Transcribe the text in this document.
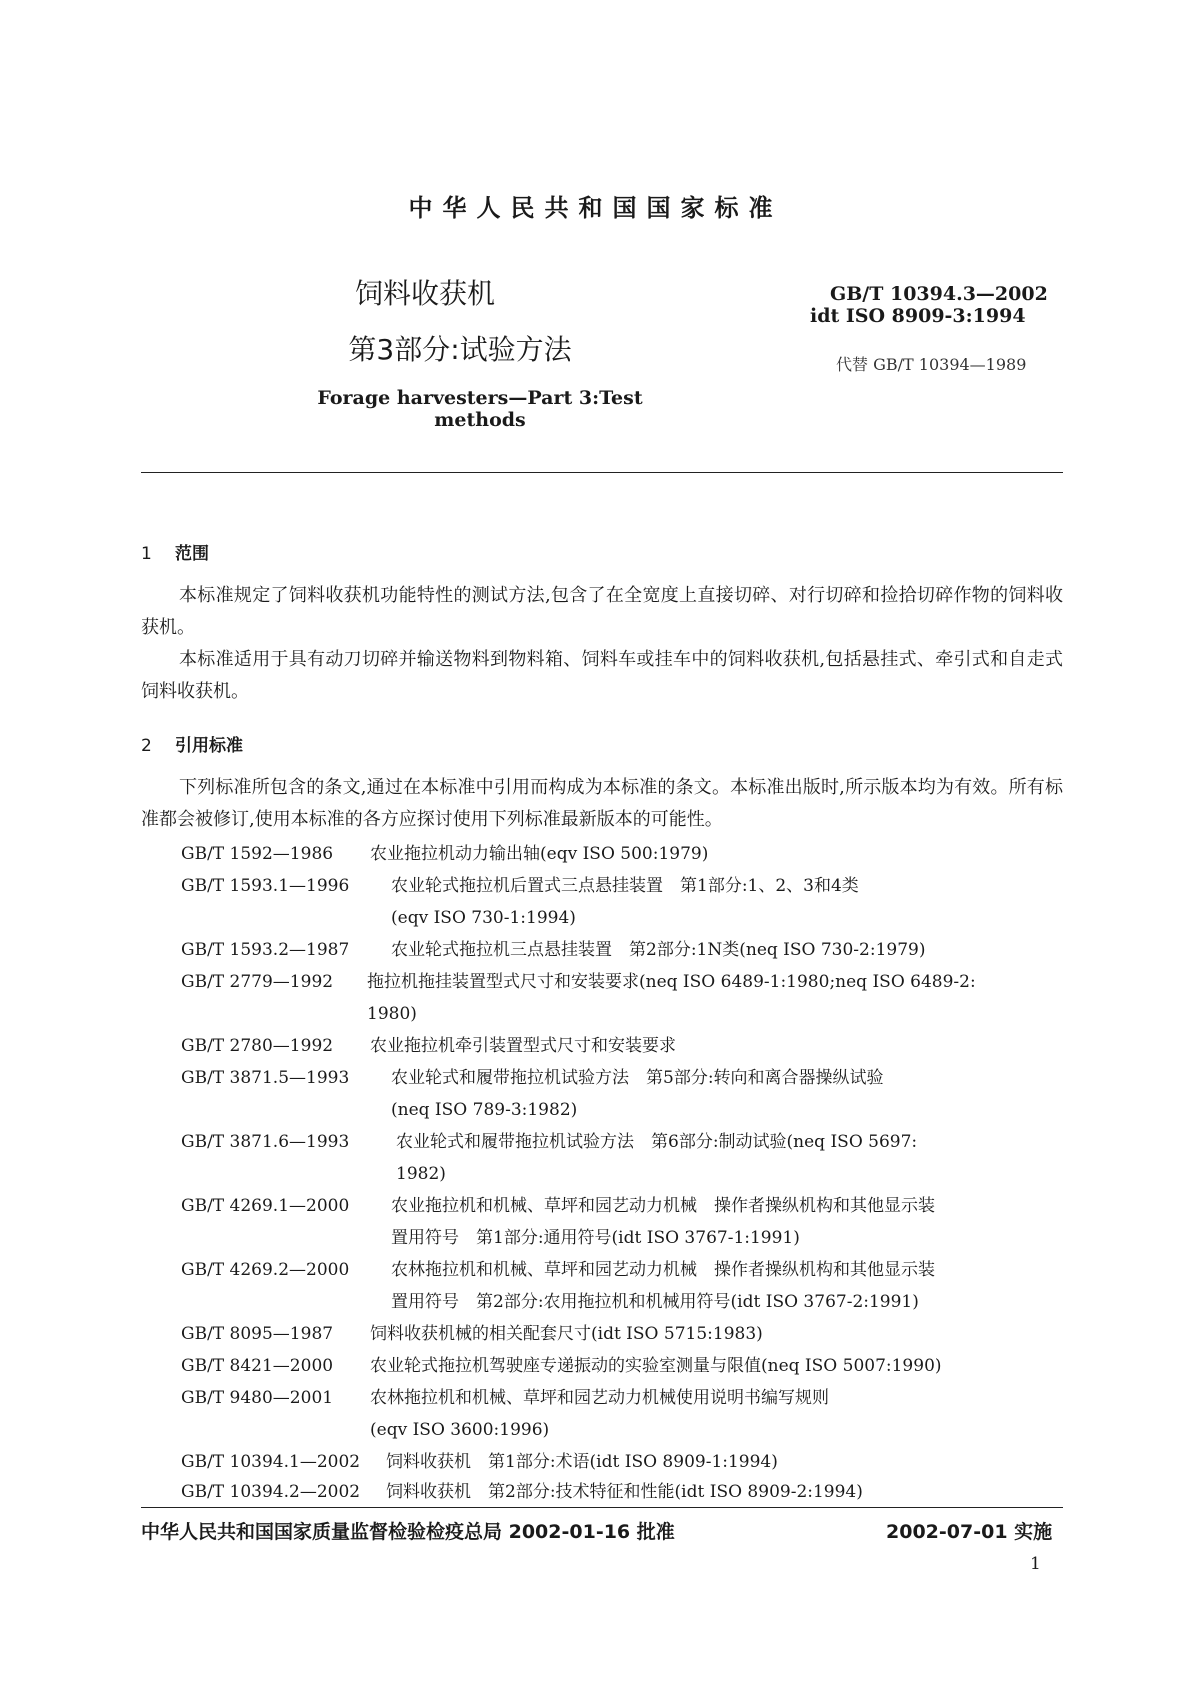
中华人民共和国国家标准
饲料收获机
第3部分:试验方法
Forage harvesters—Part 3:Test methods
GB/T 10394.3—2002
idt ISO 8909-3:1994
代替 GB/T 10394—1989
1 范围
本标准规定了饲料收获机功能特性的测试方法,包含了在全宽度上直接切碎、对行切碎和捡拾切碎作物的饲料收获机。
本标准适用于具有动刀切碎并输送物料到物料箱、饲料车或挂车中的饲料收获机,包括悬挂式、牵引式和自走式饲料收获机。
2 引用标准
下列标准所包含的条文,通过在本标准中引用而构成为本标准的条文。本标准出版时,所示版本均为有效。所有标准都会被修订,使用本标准的各方应探讨使用下列标准最新版本的可能性。
GB/T 1592—1986 农业拖拉机动力输出轴(eqv ISO 500:1979)
GB/T 1593.1—1996 农业轮式拖拉机后置式三点悬挂装置　第1部分:1、2、3和4类
(eqv ISO 730-1:1994)
GB/T 1593.2—1987 农业轮式拖拉机三点悬挂装置　第2部分:1N类(neq ISO 730-2:1979)
GB/T 2779—1992 拖拉机拖挂装置型式尺寸和安装要求(neq ISO 6489-1:1980;neq ISO 6489-2:
1980)
GB/T 2780—1992 农业拖拉机牵引装置型式尺寸和安装要求
GB/T 3871.5—1993 农业轮式和履带拖拉机试验方法　第5部分:转向和离合器操纵试验
(neq ISO 789-3:1982)
GB/T 3871.6—1993	农业轮式和履带拖拉机试验方法　第6部分:制动试验(neq ISO 5697:
1982)
GB/T 4269.1—2000 农业拖拉机和机械、草坪和园艺动力机械　操作者操纵机构和其他显示装
置用符号　第1部分:通用符号(idt ISO 3767-1:1991)
GB/T 4269.2—2000 农林拖拉机和机械、草坪和园艺动力机械　操作者操纵机构和其他显示装
置用符号　第2部分:农用拖拉机和机械用符号(idt ISO 3767-2:1991)
GB/T 8095—1987 饲料收获机械的相关配套尺寸(idt ISO 5715:1983)
GB/T 8421—2000 农业轮式拖拉机驾驶座专递振动的实验室测量与限值(neq ISO 5007:1990)
GB/T 9480—2001 农林拖拉机和机械、草坪和园艺动力机械使用说明书编写规则
(eqv ISO 3600:1996)
GB/T 10394.1—2002 饲料收获机　第1部分:术语(idt ISO 8909-1:1994)
GB/T 10394.2—2002 饲料收获机　第2部分:技术特征和性能(idt ISO 8909-2:1994)
中华人民共和国国家质量监督检验检疫总局 2002-01-16 批准	2002-07-01 实施
1
